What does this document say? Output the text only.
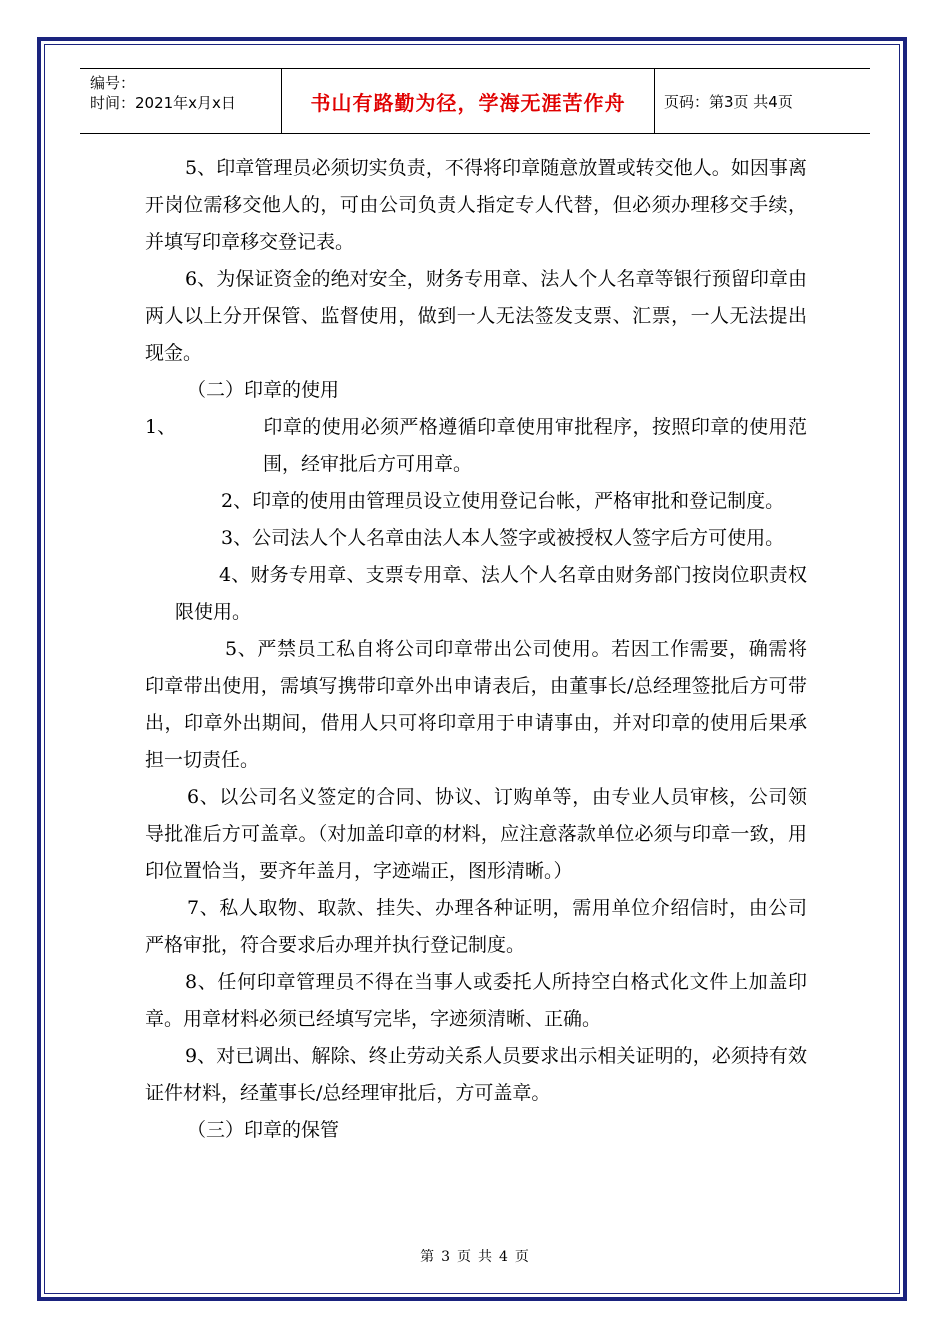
编号：
时间：2021年x月x日	书山有路勤为径，学海无涯苦作舟	页码：第3页 共4页

5、印章管理员必须切实负责，不得将印章随意放置或转交他人。如因事离开岗位需移交他人的，可由公司负责人指定专人代替，但必须办理移交手续，并填写印章移交登记表。

6、为保证资金的绝对安全，财务专用章、法人个人名章等银行预留印章由两人以上分开保管、监督使用，做到一人无法签发支票、汇票，一人无法提出现金。

（二）印章的使用

1、	印章的使用必须严格遵循印章使用审批程序，按照印章的使用范围，经审批后方可用章。

2、印章的使用由管理员设立使用登记台帐，严格审批和登记制度。

3、公司法人个人名章由法人本人签字或被授权人签字后方可使用。

4、财务专用章、支票专用章、法人个人名章由财务部门按岗位职责权限使用。

5、严禁员工私自将公司印章带出公司使用。若因工作需要，确需将印章带出使用，需填写携带印章外出申请表后，由董事长/总经理签批后方可带出，印章外出期间，借用人只可将印章用于申请事由，并对印章的使用后果承担一切责任。

6、以公司名义签定的合同、协议、订购单等，由专业人员审核，公司领导批准后方可盖章。（对加盖印章的材料，应注意落款单位必须与印章一致，用印位置恰当，要齐年盖月，字迹端正，图形清晰。）

7、私人取物、取款、挂失、办理各种证明，需用单位介绍信时，由公司严格审批，符合要求后办理并执行登记制度。

8、任何印章管理员不得在当事人或委托人所持空白格式化文件上加盖印章。用章材料必须已经填写完毕，字迹须清晰、正确。

9、对已调出、解除、终止劳动关系人员要求出示相关证明的，必须持有效证件材料，经董事长/总经理审批后，方可盖章。

（三）印章的保管

第 3 页 共 4 页
